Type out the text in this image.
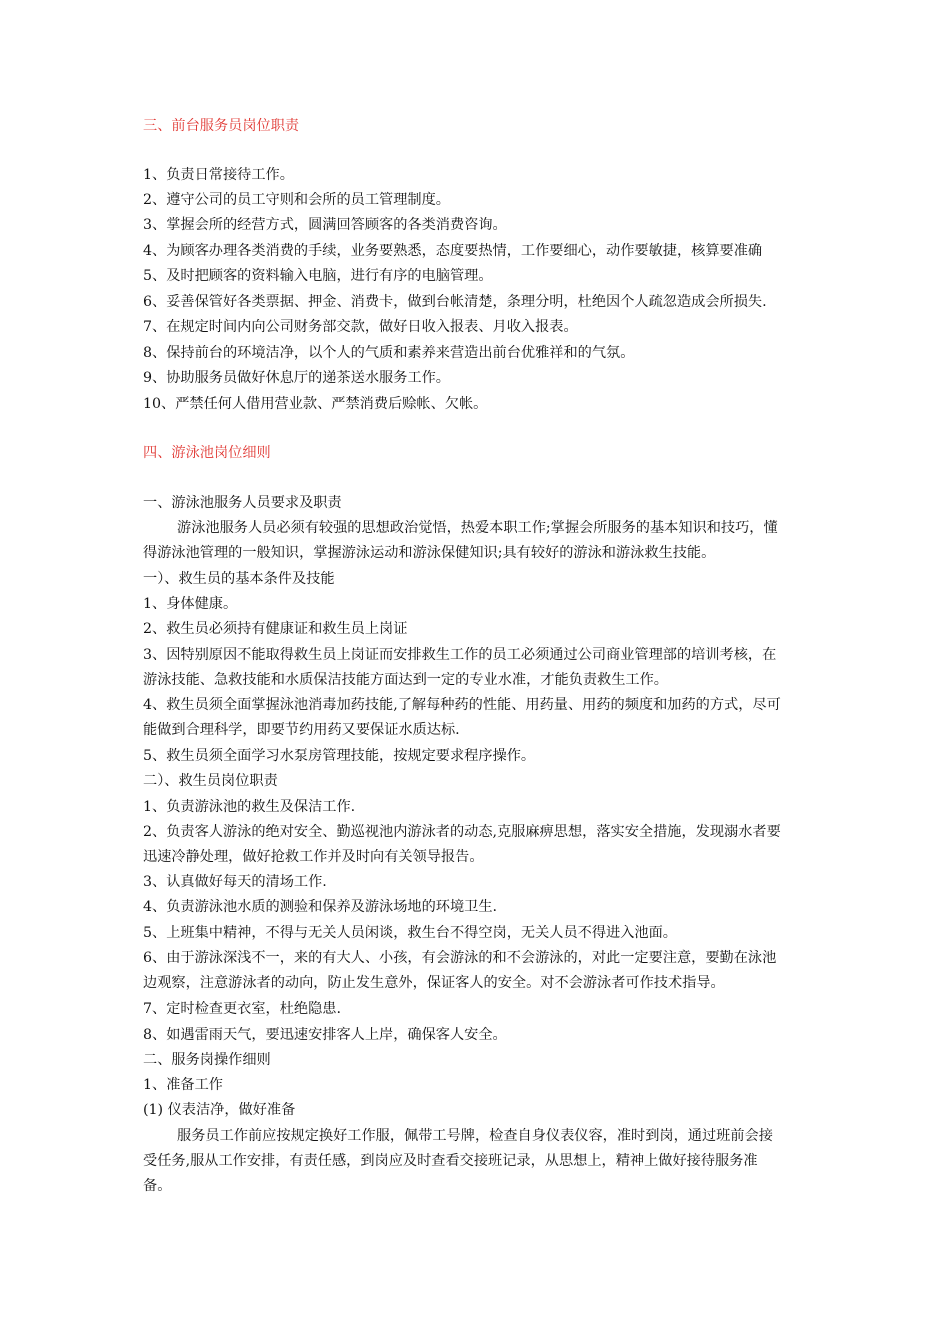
三、前台服务员岗位职责
1、负责日常接待工作。
2、遵守公司的员工守则和会所的员工管理制度。
3、掌握会所的经营方式，圆满回答顾客的各类消费咨询。
4、为顾客办理各类消费的手续，业务要熟悉，态度要热情，工作要细心，动作要敏捷，核算要准确
5、及时把顾客的资料输入电脑，进行有序的电脑管理。
6、妥善保管好各类票据、押金、消费卡，做到台帐清楚，条理分明，杜绝因个人疏忽造成会所损失.
7、在规定时间内向公司财务部交款，做好日收入报表、月收入报表。
8、保持前台的环境洁净，以个人的气质和素养来营造出前台优雅祥和的气氛。
9、协助服务员做好休息厅的递茶送水服务工作。
10、严禁任何人借用营业款、严禁消费后赊帐、欠帐。
四、游泳池岗位细则
一、游泳池服务人员要求及职责
游泳池服务人员必须有较强的思想政治觉悟，热爱本职工作;掌握会所服务的基本知识和技巧，懂
得游泳池管理的一般知识，掌握游泳运动和游泳保健知识;具有较好的游泳和游泳救生技能。
一）、救生员的基本条件及技能
1、身体健康。
2、救生员必须持有健康证和救生员上岗证
3、因特别原因不能取得救生员上岗证而安排救生工作的员工必须通过公司商业管理部的培训考核，在
游泳技能、急救技能和水质保洁技能方面达到一定的专业水准，才能负责救生工作。
4、救生员须全面掌握泳池消毒加药技能,了解每种药的性能、用药量、用药的频度和加药的方式，尽可
能做到合理科学，即要节约用药又要保证水质达标.
5、救生员须全面学习水泵房管理技能，按规定要求程序操作。
二）、救生员岗位职责
1、负责游泳池的救生及保洁工作.
2、负责客人游泳的绝对安全、勤巡视池内游泳者的动态,克服麻痹思想，落实安全措施，发现溺水者要
迅速冷静处理，做好抢救工作并及时向有关领导报告。
3、认真做好每天的清场工作.
4、负责游泳池水质的测验和保养及游泳场地的环境卫生.
5、上班集中精神，不得与无关人员闲谈，救生台不得空岗，无关人员不得进入池面。
6、由于游泳深浅不一，来的有大人、小孩，有会游泳的和不会游泳的，对此一定要注意，要勤在泳池
边观察，注意游泳者的动向，防止发生意外，保证客人的安全。对不会游泳者可作技术指导。
7、定时检查更衣室，杜绝隐患.
8、如遇雷雨天气，要迅速安排客人上岸，确保客人安全。
二、服务岗操作细则
1、准备工作
(1) 仪表洁净，做好准备
服务员工作前应按规定换好工作服，佩带工号牌，检查自身仪表仪容，准时到岗，通过班前会接
受任务,服从工作安排，有责任感，到岗应及时查看交接班记录，从思想上，精神上做好接待服务准
备。
